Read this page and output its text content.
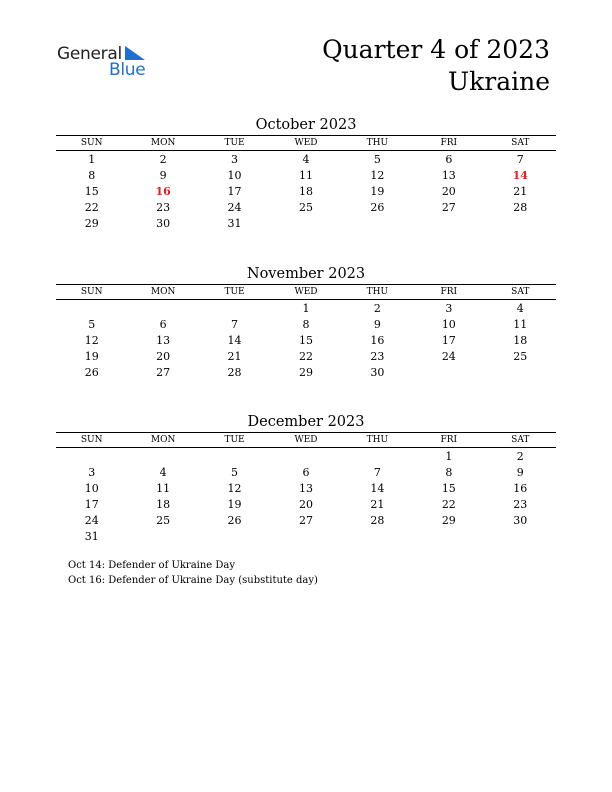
General
Blue
Quarter 4 of 2023
Ukraine
October 2023
SUN	MON	TUE	WED	THU	FRI	SAT
1	2	3	4	5	6	7
8	9	10	11	12	13	14
15	16	17	18	19	20	21
22	23	24	25	26	27	28
29	30	31				
November 2023
SUN	MON	TUE	WED	THU	FRI	SAT
			1	2	3	4
5	6	7	8	9	10	11
12	13	14	15	16	17	18
19	20	21	22	23	24	25
26	27	28	29	30		
December 2023
SUN	MON	TUE	WED	THU	FRI	SAT
					1	2
3	4	5	6	7	8	9
10	11	12	13	14	15	16
17	18	19	20	21	22	23
24	25	26	27	28	29	30
31						
Oct 14: Defender of Ukraine Day
Oct 16: Defender of Ukraine Day (substitute day)
